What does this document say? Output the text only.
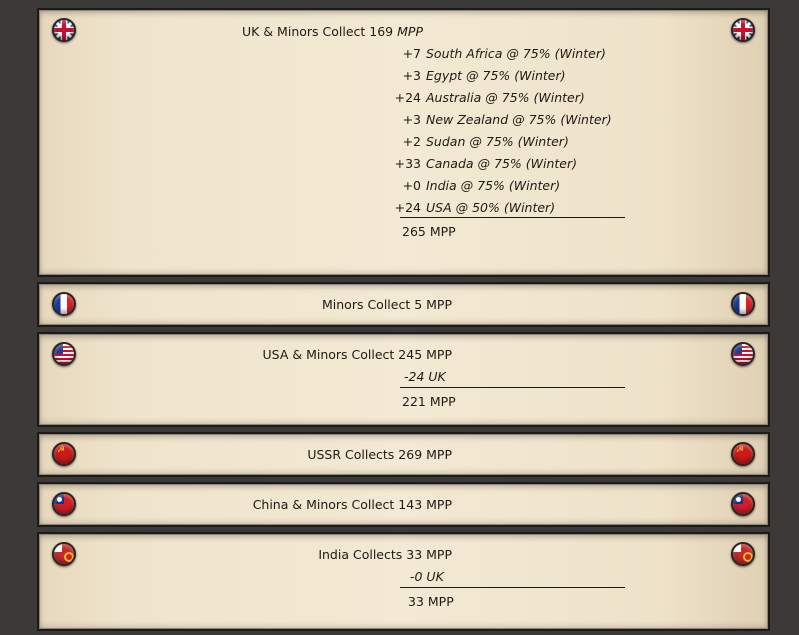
UK & Minors Collect 169 MPP
+7 South Africa @ 75% (Winter)
+3 Egypt @ 75% (Winter)
+24 Australia @ 75% (Winter)
+3 New Zealand @ 75% (Winter)
+2 Sudan @ 75% (Winter)
+33 Canada @ 75% (Winter)
+0 India @ 75% (Winter)
+24 USA @ 50% (Winter)
265 MPP
Minors Collect 5 MPP
USA & Minors Collect 245 MPP
-24 UK
221 MPP
☭
☭
USSR Collects 269 MPP
China & Minors Collect 143 MPP
India Collects 33 MPP
-0 UK
33 MPP
